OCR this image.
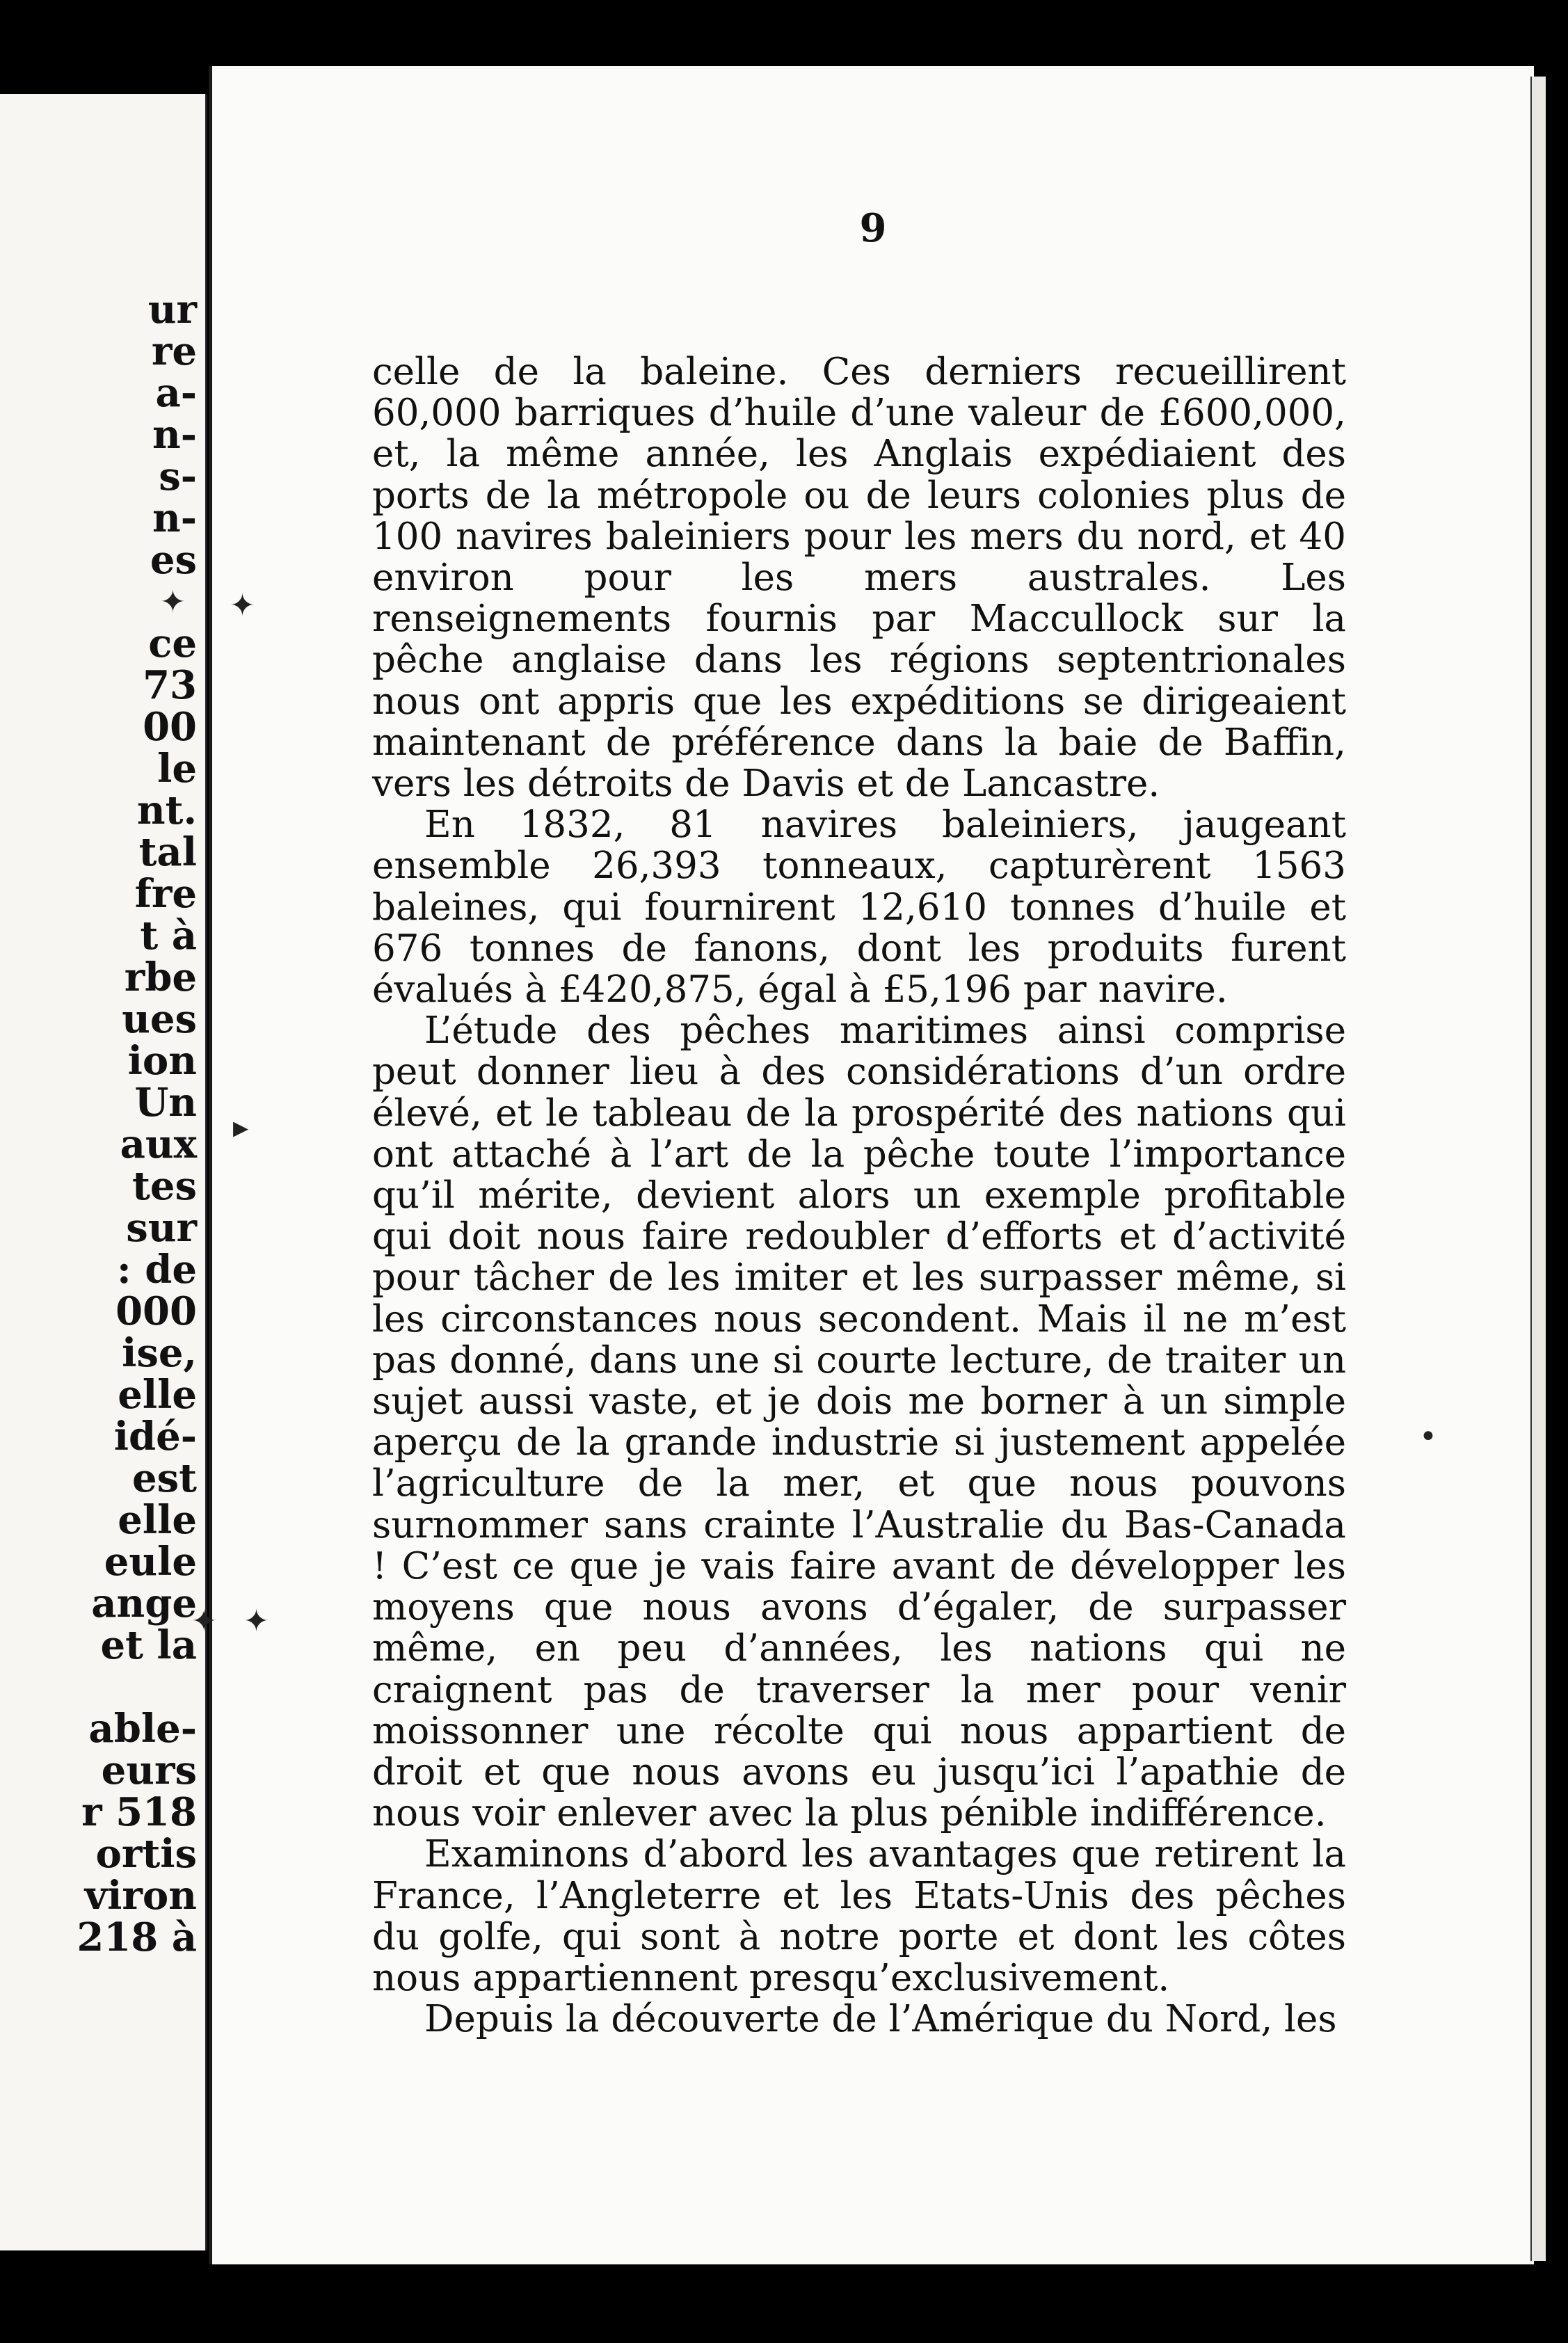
ur
re
a-
n-
s-
n-
es
ce
73
00
le
nt.
tal
fre
t à
rbe
ues
ion
Un
aux
tes
sur
: de
000
ise,
elle
idé-
est
elle
eule
ange
et la
able-
eurs
r 518
ortis
viron
218 à
9

celle de la baleine. Ces derniers recueillirent 60,000 barriques d’huile d’une valeur de £600,000, et, la même année, les Anglais expédiaient des ports de la métropole ou de leurs colonies plus de 100 navires baleiniers pour les mers du nord, et 40 environ pour les mers australes. Les renseignements fournis par Maccullock sur la pêche anglaise dans les régions septentrionales nous ont appris que les expéditions se dirigeaient maintenant de préférence dans la baie de Baffin, vers les détroits de Davis et de Lancastre.

En 1832, 81 navires baleiniers, jaugeant ensemble 26,393 tonneaux, capturèrent 1563 baleines, qui fournirent 12,610 tonnes d’huile et 676 tonnes de fanons, dont les produits furent évalués à £420,875, égal à £5,196 par navire.

L’étude des pêches maritimes ainsi comprise peut donner lieu à des considérations d’un ordre élevé, et le tableau de la prospérité des nations qui ont attaché à l’art de la pêche toute l’importance qu’il mérite, devient alors un exemple profitable qui doit nous faire redoubler d’efforts et d’activité pour tâcher de les imiter et les surpasser même, si les circonstances nous secondent. Mais il ne m’est pas donné, dans une si courte lecture, de traiter un sujet aussi vaste, et je dois me borner à un simple aperçu de la grande industrie si justement appelée l’agriculture de la mer, et que nous pouvons surnommer sans crainte l’Australie du Bas-Canada ! C’est ce que je vais faire avant de développer les moyens que nous avons d’égaler, de surpasser même, en peu d’années, les nations qui ne craignent pas de traverser la mer pour venir moissonner une récolte qui nous appartient de droit et que nous avons eu jusqu’ici l’apathie de nous voir enlever avec la plus pénible indifférence.

Examinons d’abord les avantages que retirent la France, l’Angleterre et les Etats-Unis des pêches du golfe, qui sont à notre porte et dont les côtes nous appartiennent presqu’exclusivement.

Depuis la découverte de l’Amérique du Nord, les

✦ ✦
▸
✦ ✦
•
